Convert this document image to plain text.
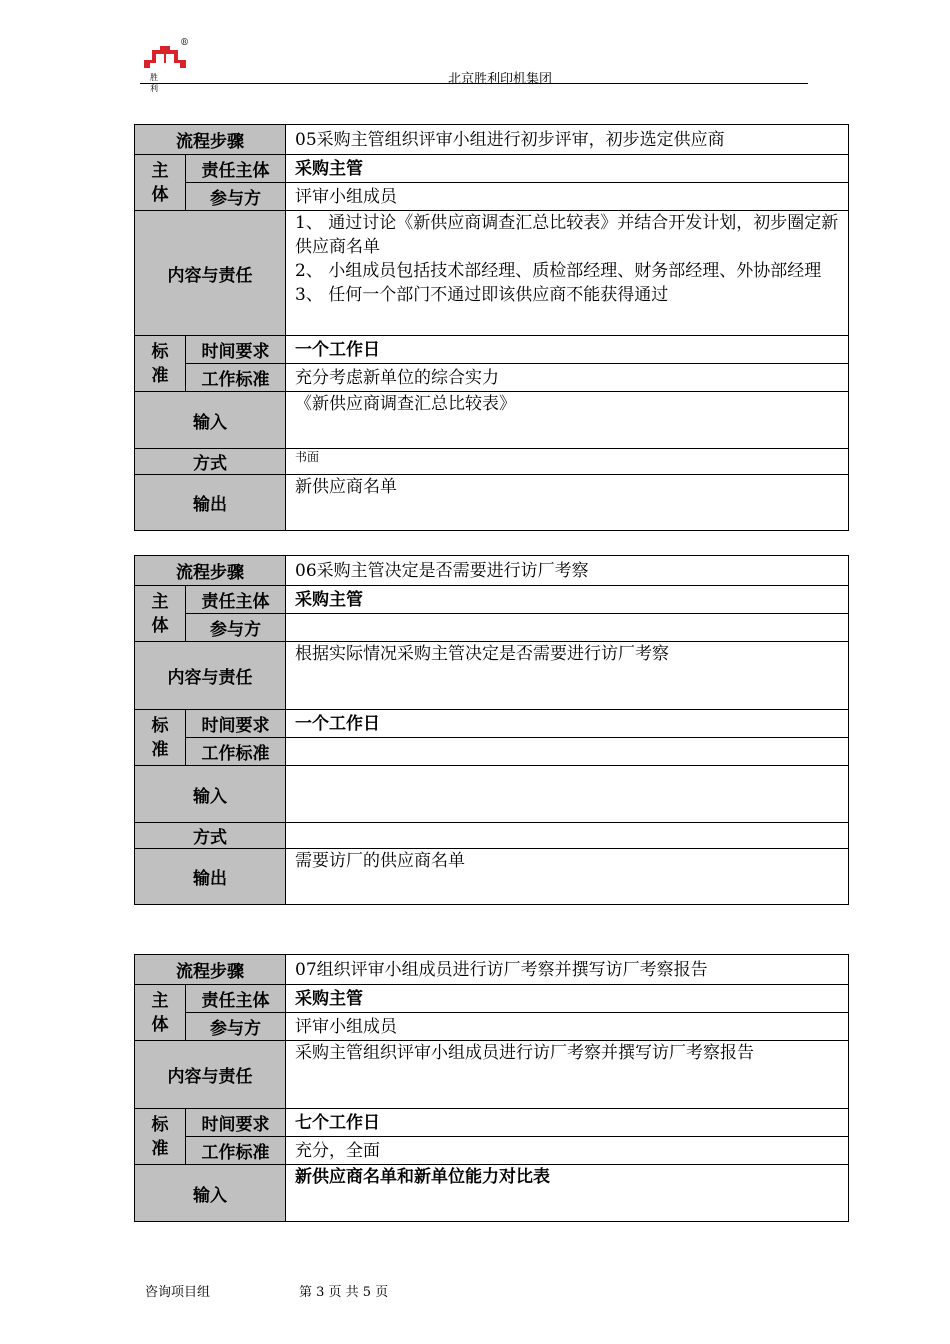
®
胜 利
北京胜利印机集团
流程步骤		05采购主管组织评审小组进行初步评审，初步选定供应商
主体	责任主体	采购主管
	参与方	评审小组成员
内容与责任		1、 通过讨论《新供应商调查汇总比较表》并结合开发计划，初步圈定新供应商名单
2、 小组成员包括技术部经理、质检部经理、财务部经理、外协部经理
3、 任何一个部门不通过即该供应商不能获得通过

标准	时间要求	一个工作日
	工作标准	充分考虑新单位的综合实力
输入		《新供应商调查汇总比较表》
方式		书面
输出		新供应商名单
流程步骤		06采购主管决定是否需要进行访厂考察
主体	责任主体	采购主管
	参与方	
内容与责任		根据实际情况采购主管决定是否需要进行访厂考察

标准	时间要求	一个工作日
	工作标准	
输入		
方式		
输出		需要访厂的供应商名单
流程步骤		07组织评审小组成员进行访厂考察并撰写访厂考察报告
主体	责任主体	采购主管
	参与方	评审小组成员
内容与责任		采购主管组织评审小组成员进行访厂考察并撰写访厂考察报告

标准	时间要求	七个工作日
	工作标准	充分，全面
输入		新供应商名单和新单位能力对比表
咨询项目组	第 3 页 共 5 页
